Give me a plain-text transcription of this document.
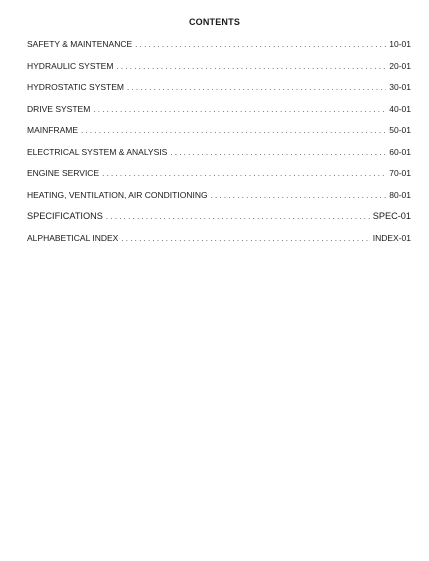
CONTENTS
SAFETY & MAINTENANCE . . .	10-01
HYDRAULIC SYSTEM . . .	20-01
HYDROSTATIC SYSTEM . . .	30-01
DRIVE SYSTEM . . .	40-01
MAINFRAME . . .	50-01
ELECTRICAL SYSTEM & ANALYSIS . . .	60-01
ENGINE SERVICE . . .	70-01
HEATING, VENTILATION, AIR CONDITIONING . . .	80-01
SPECIFICATIONS . . .	SPEC-01
ALPHABETICAL INDEX . . .	INDEX-01
